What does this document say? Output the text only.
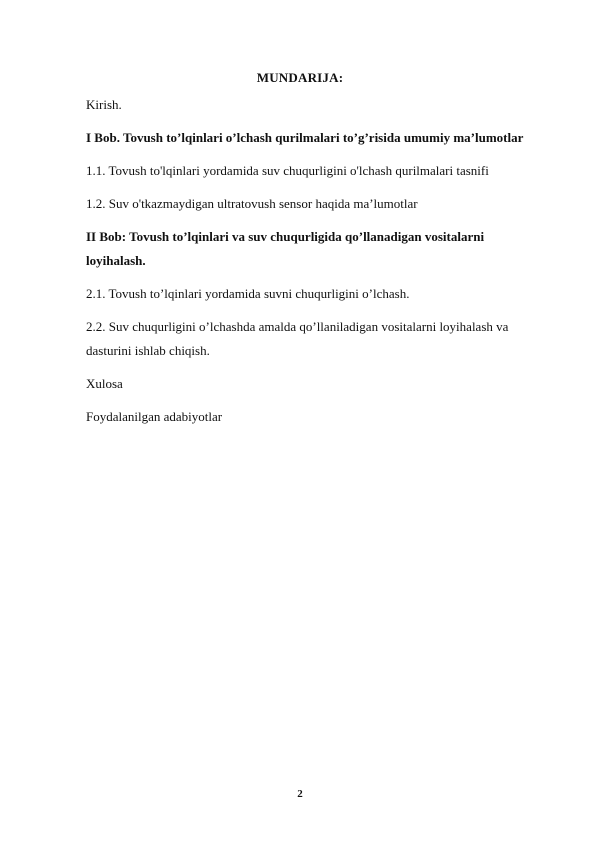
MUNDARIJA:
Kirish.
I Bob. Tovush to’lqinlari o’lchash qurilmalari to’g’risida umumiy ma’lumotlar
1.1. Tovush to'lqinlari yordamida suv chuqurligini o'lchash qurilmalari tasnifi
1.2. Suv o'tkazmaydigan ultratovush sensor haqida ma’lumotlar
II Bob: Tovush to’lqinlari va suv chuqurligida qo’llanadigan vositalarni loyihalash.
2.1. Tovush to’lqinlari yordamida suvni chuqurligini o’lchash.
2.2. Suv chuqurligini o’lchashda amalda qo’llaniladigan vositalarni loyihalash va dasturini ishlab chiqish.
Xulosa
Foydalanilgan adabiyotlar
2
